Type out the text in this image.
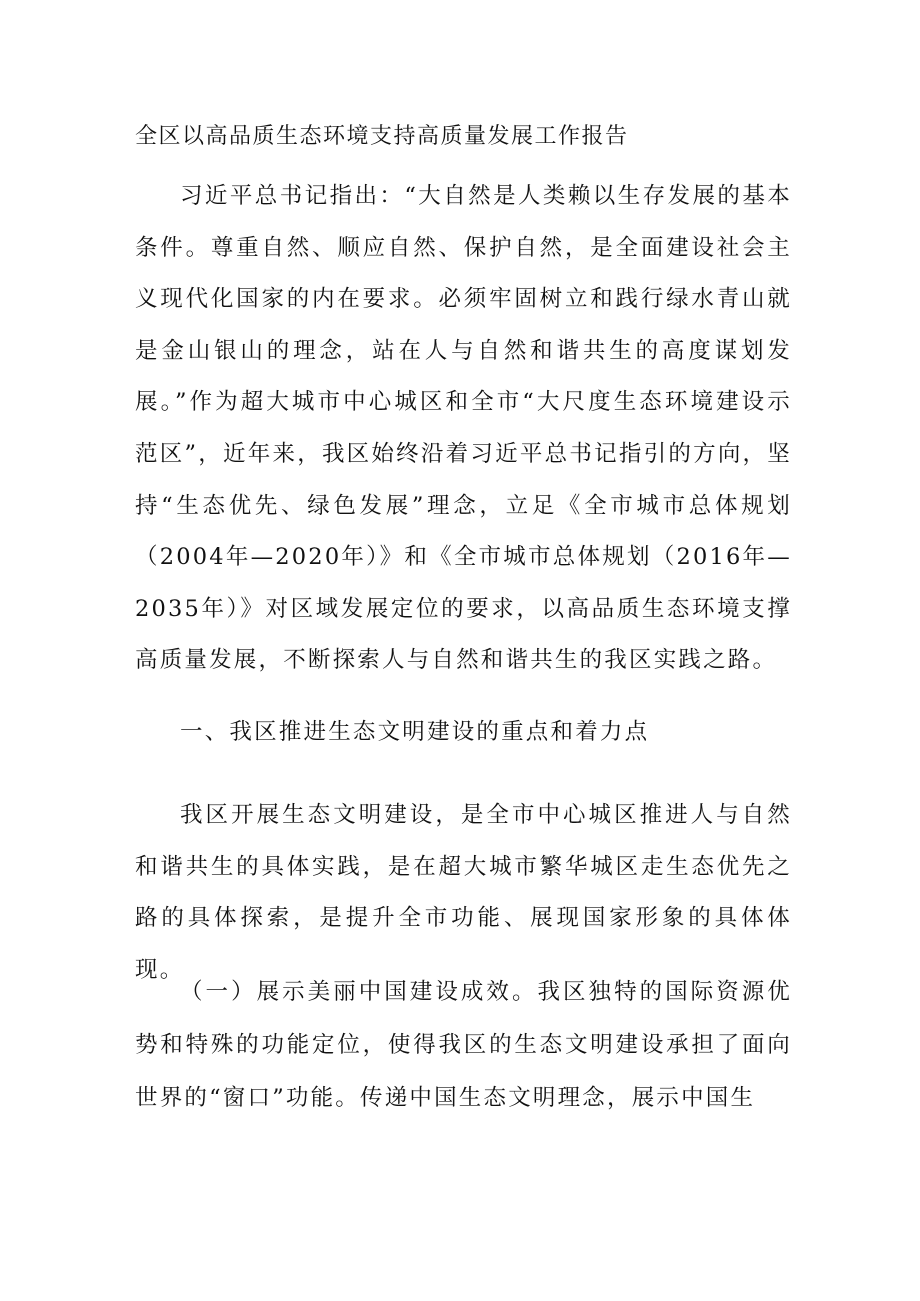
全区以高品质生态环境支持高质量发展工作报告

习近平总书记指出：“大自然是人类赖以生存发展的基本条件。尊重自然、顺应自然、保护自然，是全面建设社会主义现代化国家的内在要求。必须牢固树立和践行绿水青山就是金山银山的理念，站在人与自然和谐共生的高度谋划发展。”作为超大城市中心城区和全市“大尺度生态环境建设示范区”，近年来，我区始终沿着习近平总书记指引的方向，坚持“生态优先、绿色发展”理念，立足《全市城市总体规划（2004年—2020年）》和《全市城市总体规划（2016年—2035年）》对区域发展定位的要求，以高品质生态环境支撑高质量发展，不断探索人与自然和谐共生的我区实践之路。

一、我区推进生态文明建设的重点和着力点

我区开展生态文明建设，是全市中心城区推进人与自然和谐共生的具体实践，是在超大城市繁华城区走生态优先之路的具体探索，是提升全市功能、展现国家形象的具体体现。

（一）展示美丽中国建设成效。我区独特的国际资源优势和特殊的功能定位，使得我区的生态文明建设承担了面向世界的“窗口”功能。传递中国生态文明理念，展示中国生
